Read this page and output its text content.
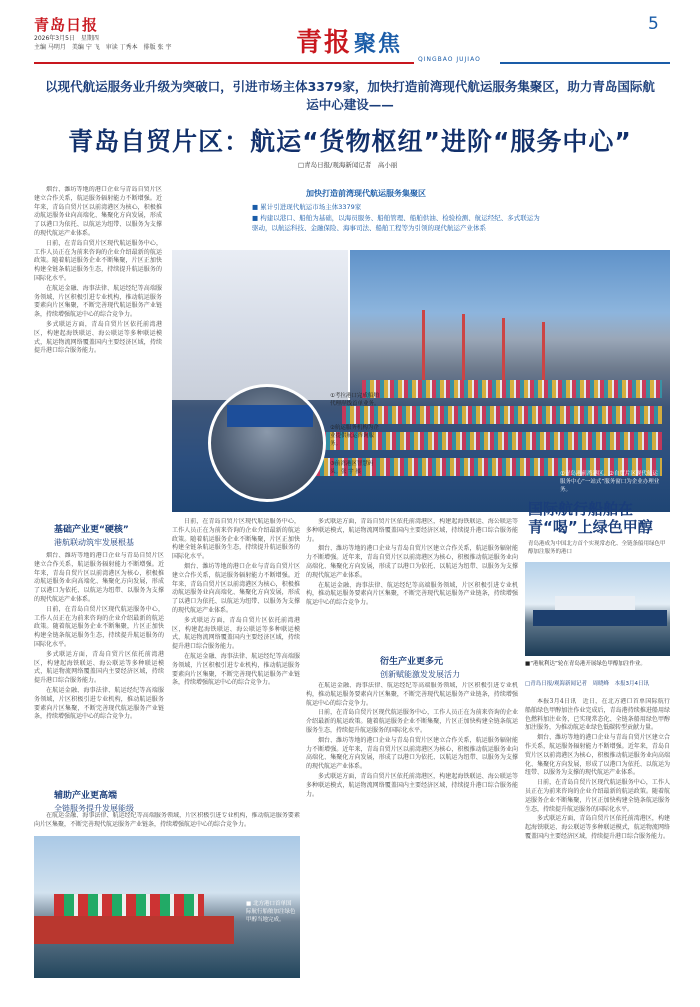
青岛日报
2026年3月5日　星期四
主编 马明月　美编 宁 飞　审读 丁秀本　排版 张 宇	青报聚焦
QINGBAO JUJIAO
5
以现代航运服务业升级为突破口，引进市场主体3379家，加快打造前湾现代航运服务集聚区，助力青岛国际航运中心建设——
青岛自贸片区：航运“货物枢纽”进阶“服务中心”
□青岛日报/观海新闻记者　高小丽

烟台、潍坊等地的港口企业与青岛自贸片区建立合作关系，航运服务辐射能力不断增强。近年来，青岛自贸片区以前湾港区为核心，积极推动航运服务业向高端化、集聚化方向发展，形成了以港口为依托、以航运为纽带、以服务为支撑的现代航运产业体系。

日前，在青岛自贸片区现代航运服务中心，工作人员正在为前来咨询的企业介绍最新的航运政策。随着航运服务企业不断集聚，片区正加快构建全链条航运服务生态，持续提升航运服务的国际化水平。

在航运金融、海事法律、航运经纪等高端服务领域，片区积极引进专业机构，推动航运服务要素向片区集聚，不断完善现代航运服务产业链条，持续增强航运中心的综合竞争力。

多式联运方面，青岛自贸片区依托前湾港区，构建起海铁联运、海公联运等多种联运模式，航运物流网络覆盖国内主要经济区域，持续提升港口综合服务能力。

加快打造前湾现代航运服务集聚区
■ 累计引进现代航运市场主体3379家
■ 构建以港口、船舶为基础，以海员服务、船舶管理、船舶供油、检验检测、航运经纪、多式联运为驱动，以航运科技、金融保险、海事司法、船舶工程等为引领的现代航运产业体系
①考拉港口完成船舶代理岸线首单业务。
②航运服务机构为企业提供航运咨询服务。
③前湾港区智慧码头。张 宇 摄
基础产业更“硬核”
港航联动筑牢发展根基

烟台、潍坊等地的港口企业与青岛自贸片区建立合作关系，航运服务辐射能力不断增强。近年来，青岛自贸片区以前湾港区为核心，积极推动航运服务业向高端化、集聚化方向发展，形成了以港口为依托、以航运为纽带、以服务为支撑的现代航运产业体系。

日前，在青岛自贸片区现代航运服务中心，工作人员正在为前来咨询的企业介绍最新的航运政策。随着航运服务企业不断集聚，片区正加快构建全链条航运服务生态，持续提升航运服务的国际化水平。

多式联运方面，青岛自贸片区依托前湾港区，构建起海铁联运、海公联运等多种联运模式，航运物流网络覆盖国内主要经济区域，持续提升港口综合服务能力。

在航运金融、海事法律、航运经纪等高端服务领域，片区积极引进专业机构，推动航运服务要素向片区集聚，不断完善现代航运服务产业链条，持续增强航运中心的综合竞争力。

辅助产业更高端
全链服务提升发展能级

在航运金融、海事法律、航运经纪等高端服务领域，片区积极引进专业机构，推动航运服务要素向片区集聚，不断完善现代航运服务产业链条，持续增强航运中心的综合竞争力。

日前，在青岛自贸片区现代航运服务中心，工作人员正在为前来咨询的企业介绍最新的航运政策。随着航运服务企业不断集聚，片区正加快构建全链条航运服务生态，持续提升航运服务的国际化水平。

烟台、潍坊等地的港口企业与青岛自贸片区建立合作关系，航运服务辐射能力不断增强。近年来，青岛自贸片区以前湾港区为核心，积极推动航运服务业向高端化、集聚化方向发展，形成了以港口为依托、以航运为纽带、以服务为支撑的现代航运产业体系。

多式联运方面，青岛自贸片区依托前湾港区，构建起海铁联运、海公联运等多种联运模式，航运物流网络覆盖国内主要经济区域，持续提升港口综合服务能力。

在航运金融、海事法律、航运经纪等高端服务领域，片区积极引进专业机构，推动航运服务要素向片区集聚，不断完善现代航运服务产业链条，持续增强航运中心的综合竞争力。

多式联运方面，青岛自贸片区依托前湾港区，构建起海铁联运、海公联运等多种联运模式，航运物流网络覆盖国内主要经济区域，持续提升港口综合服务能力。

烟台、潍坊等地的港口企业与青岛自贸片区建立合作关系，航运服务辐射能力不断增强。近年来，青岛自贸片区以前湾港区为核心，积极推动航运服务业向高端化、集聚化方向发展，形成了以港口为依托、以航运为纽带、以服务为支撑的现代航运产业体系。

在航运金融、海事法律、航运经纪等高端服务领域，片区积极引进专业机构，推动航运服务要素向片区集聚，不断完善现代航运服务产业链条，持续增强航运中心的综合竞争力。

衍生产业更多元
创新赋能激发发展活力

在航运金融、海事法律、航运经纪等高端服务领域，片区积极引进专业机构，推动航运服务要素向片区集聚，不断完善现代航运服务产业链条，持续增强航运中心的综合竞争力。

日前，在青岛自贸片区现代航运服务中心，工作人员正在为前来咨询的企业介绍最新的航运政策。随着航运服务企业不断集聚，片区正加快构建全链条航运服务生态，持续提升航运服务的国际化水平。

烟台、潍坊等地的港口企业与青岛自贸片区建立合作关系，航运服务辐射能力不断增强。近年来，青岛自贸片区以前湾港区为核心，积极推动航运服务业向高端化、集聚化方向发展，形成了以港口为依托、以航运为纽带、以服务为支撑的现代航运产业体系。

多式联运方面，青岛自贸片区依托前湾港区，构建起海铁联运、海公联运等多种联运模式，航运物流网络覆盖国内主要经济区域，持续提升港口综合服务能力。

■ 北方港口首单国际航行船舶加注绿色甲醇当地完成。
国际航行船舶在青“喝”上绿色甲醇
青岛港成为中国北方首个实现常态化、全链条船用绿色甲醇加注服务的港口
■“港航利达”轮在青岛港开展绿色甲醇加注作业。
□青岛日报/观海新闻记者　周晓峰　本报3月4日讯

本报3月4日讯　近日，在北方港口首单国际航行船舶绿色甲醇加注作业完成后，青岛港持续推进船用绿色燃料加注业务，已实现常态化、全链条船用绿色甲醇加注服务，为推动航运业绿色低碳转型贡献力量。

烟台、潍坊等地的港口企业与青岛自贸片区建立合作关系，航运服务辐射能力不断增强。近年来，青岛自贸片区以前湾港区为核心，积极推动航运服务业向高端化、集聚化方向发展，形成了以港口为依托、以航运为纽带、以服务为支撑的现代航运产业体系。

日前，在青岛自贸片区现代航运服务中心，工作人员正在为前来咨询的企业介绍最新的航运政策。随着航运服务企业不断集聚，片区正加快构建全链条航运服务生态，持续提升航运服务的国际化水平。

多式联运方面，青岛自贸片区依托前湾港区，构建起海铁联运、海公联运等多种联运模式，航运物流网络覆盖国内主要经济区域，持续提升港口综合服务能力。

①青岛港前湾港区。②自贸片区现代航运服务中心“一站式”服务窗口为企业办理业务。
